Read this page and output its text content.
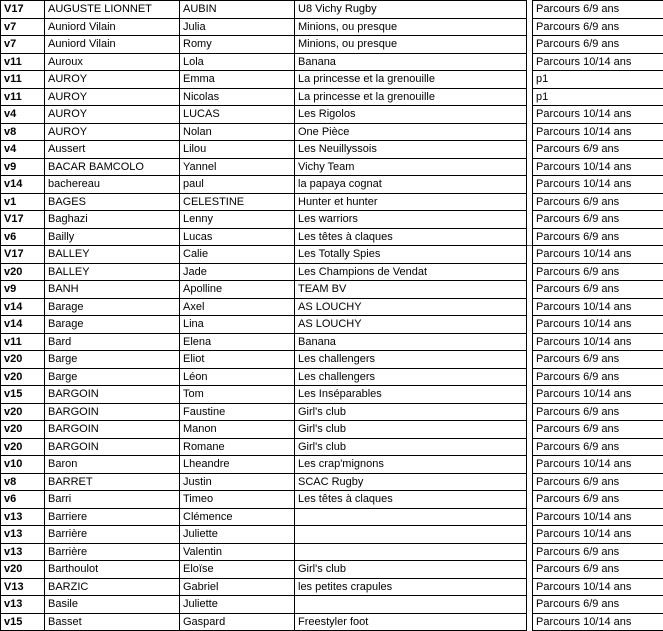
V17	AUGUSTE LIONNET	AUBIN	U8 Vichy Rugby		Parcours 6/9 ans
v7	Auniord Vilain	Julia	Minions, ou presque		Parcours 6/9 ans
v7	Auniord Vilain	Romy	Minions, ou presque		Parcours 6/9 ans
v11	Auroux	Lola	Banana		Parcours 10/14 ans
v11	AUROY	Emma	La princesse et la grenouille		p1
v11	AUROY	Nicolas	La princesse et la grenouille		p1
v4	AUROY	LUCAS	Les Rigolos		Parcours 10/14 ans
v8	AUROY	Nolan	One Pièce		Parcours 10/14 ans
v4	Aussert	Lilou	Les Neuillyssois		Parcours 6/9 ans
v9	BACAR BAMCOLO	Yannel	Vichy Team		Parcours 10/14 ans
v14	bachereau	paul	la papaya cognat		Parcours 10/14 ans
v1	BAGES	CELESTINE	Hunter et hunter		Parcours 6/9 ans
V17	Baghazi	Lenny	Les warriors		Parcours 6/9 ans
v6	Bailly	Lucas	Les têtes à claques		Parcours 6/9 ans
V17	BALLEY	Calie	Les Totally Spies		Parcours 10/14 ans
v20	BALLEY	Jade	Les Champions de Vendat		Parcours 6/9 ans
v9	BANH	Apolline	TEAM BV		Parcours 6/9 ans
v14	Barage	Axel	AS LOUCHY		Parcours 10/14 ans
v14	Barage	Lina	AS LOUCHY		Parcours 10/14 ans
v11	Bard	Elena	Banana		Parcours 10/14 ans
v20	Barge	Eliot	Les challengers		Parcours 6/9 ans
v20	Barge	Léon	Les challengers		Parcours 6/9 ans
v15	BARGOIN	Tom	Les Inséparables		Parcours 10/14 ans
v20	BARGOIN	Faustine	Girl's club		Parcours 6/9 ans
v20	BARGOIN	Manon	Girl's club		Parcours 6/9 ans
v20	BARGOIN	Romane	Girl's club		Parcours 6/9 ans
v10	Baron	Lheandre	Les crap'mignons		Parcours 10/14 ans
v8	BARRET	Justin	SCAC Rugby		Parcours 6/9 ans
v6	Barri	Timeo	Les têtes à claques		Parcours 6/9 ans
v13	Barriere	Clémence			Parcours 10/14 ans
v13	Barrière	Juliette			Parcours 10/14 ans
v13	Barrière	Valentin			Parcours 6/9 ans
v20	Barthoulot	Eloïse	Girl's club		Parcours 6/9 ans
V13	BARZIC	Gabriel	les petites crapules		Parcours 10/14 ans
v13	Basile	Juliette			Parcours 6/9 ans
v15	Basset	Gaspard	Freestyler foot		Parcours 10/14 ans
